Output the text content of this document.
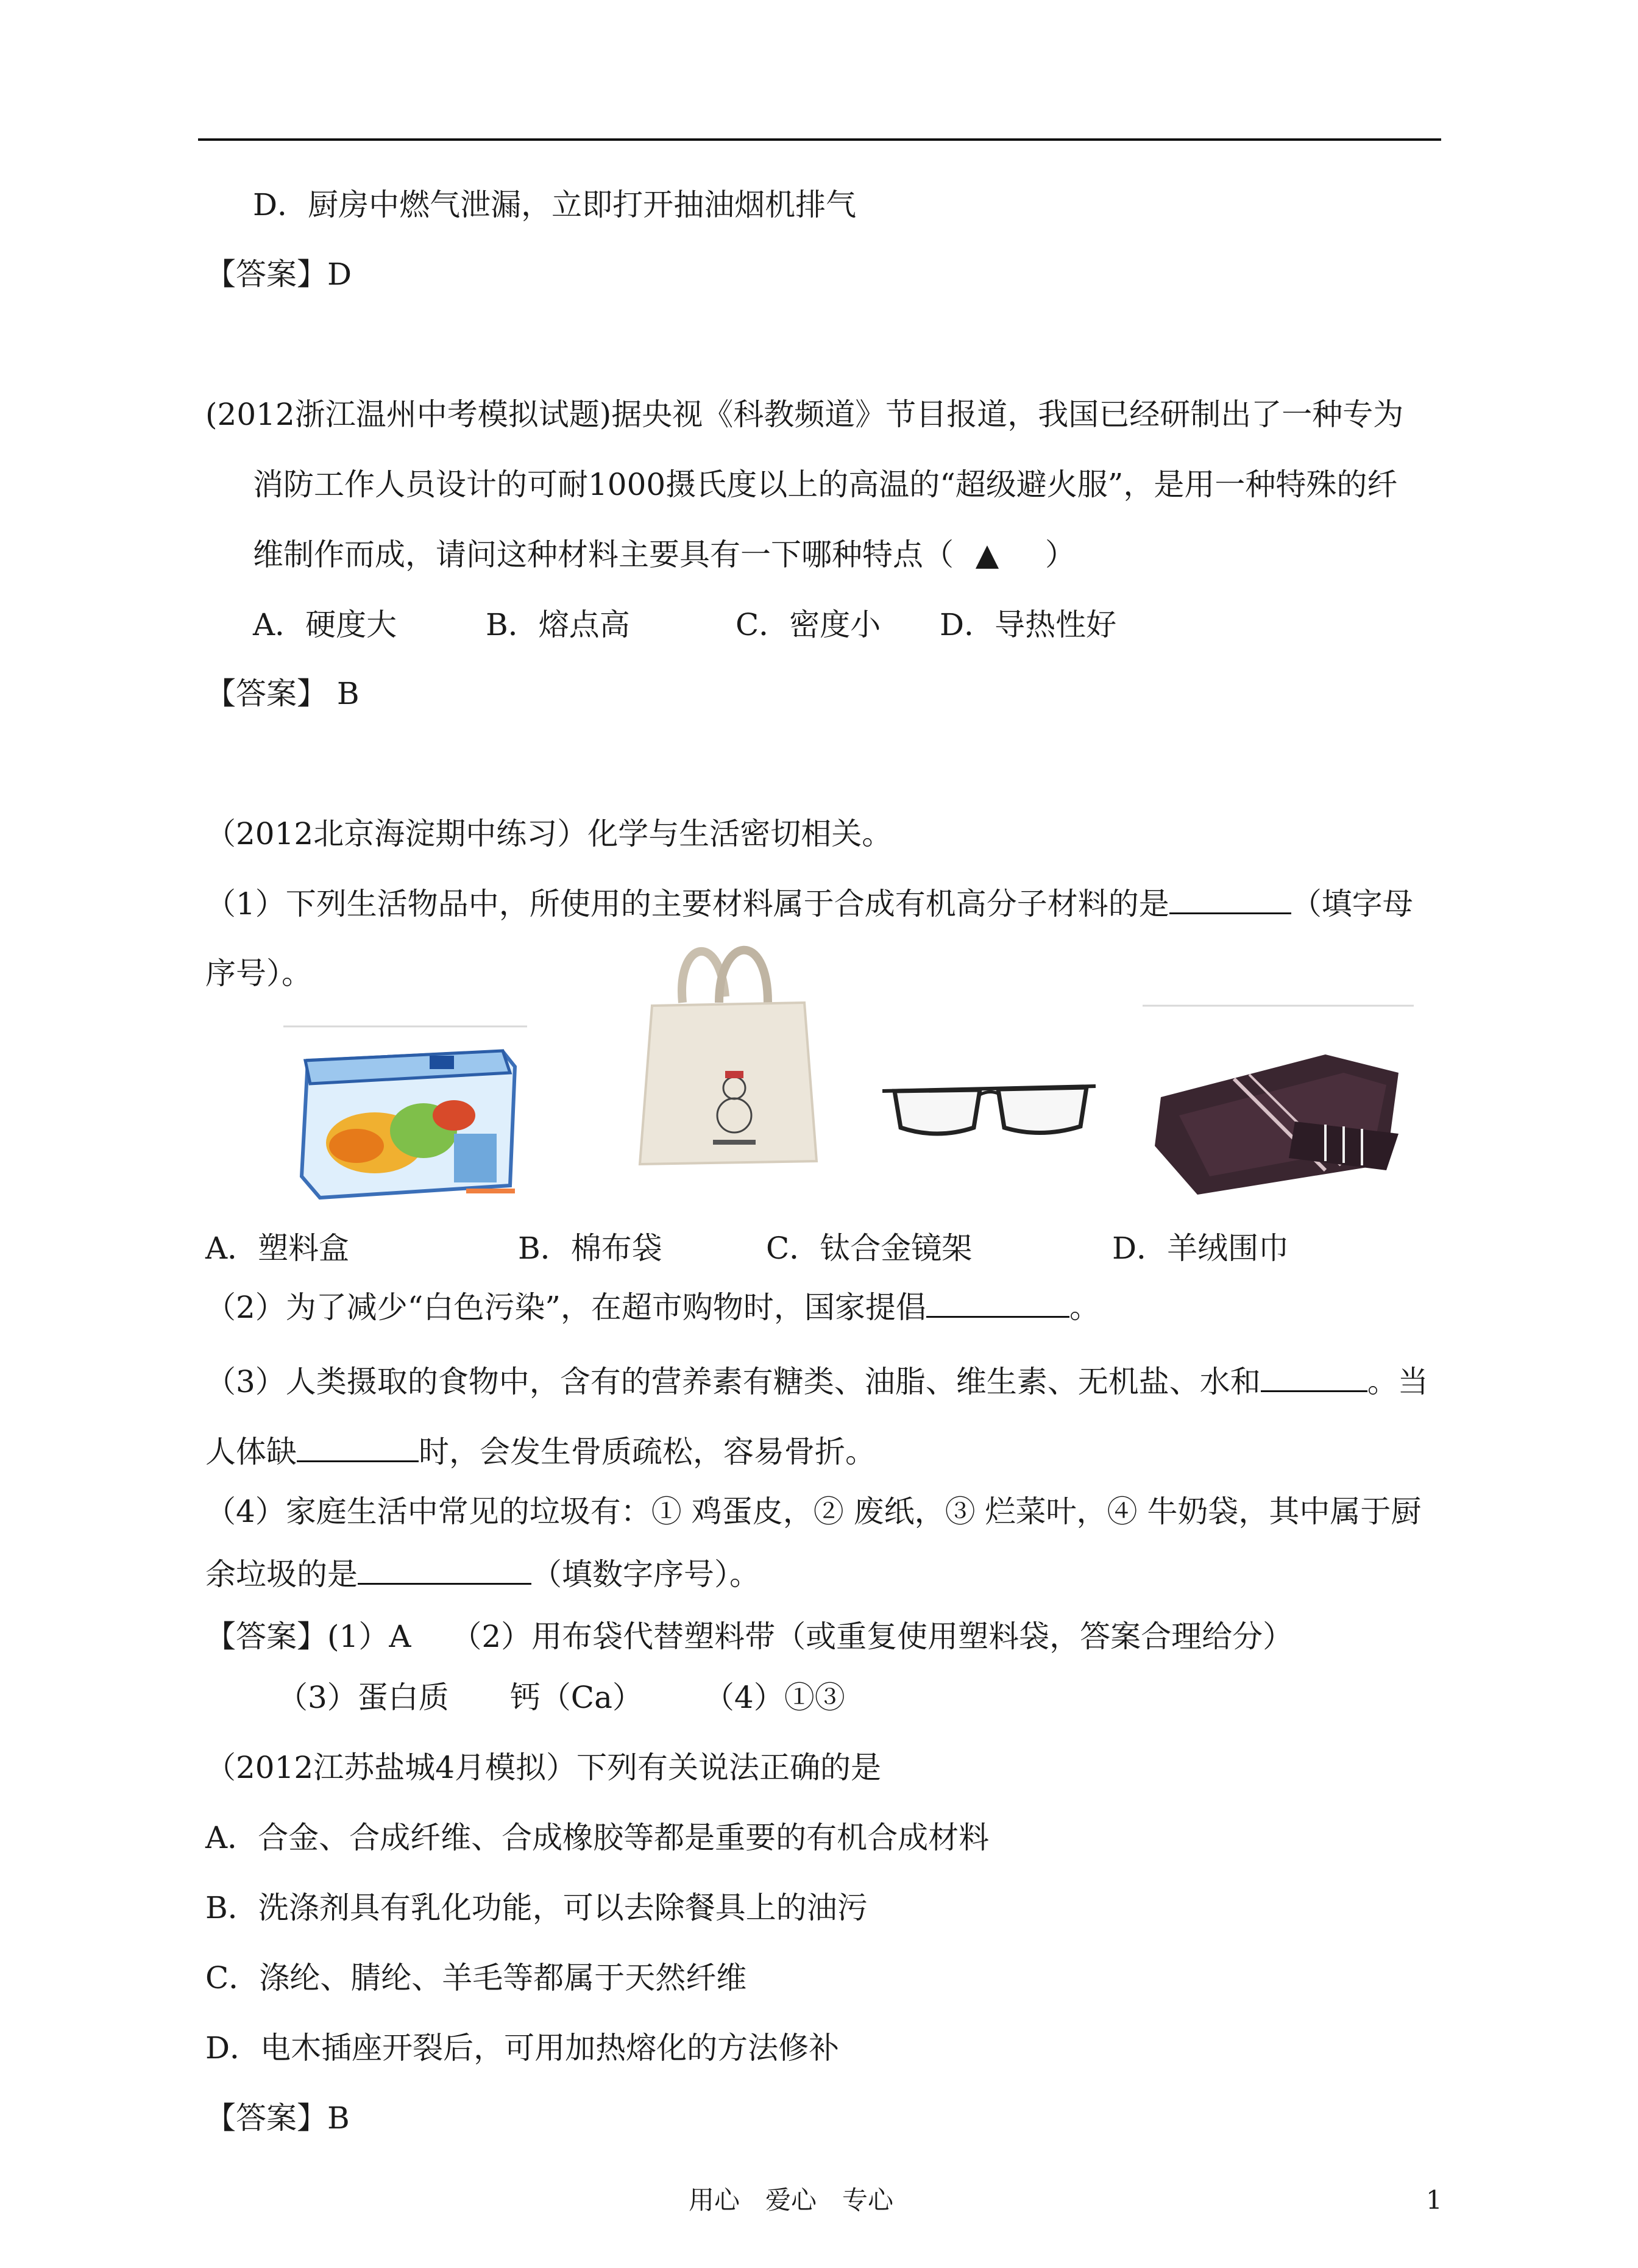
D．厨房中燃气泄漏，立即打开抽油烟机排气
【答案】D
(2012浙江温州中考模拟试题)据央视《科教频道》节目报道，我国已经研制出了一种专为
消防工作人员设计的可耐1000摄氏度以上的高温的“超级避火服”，是用一种特殊的纤
维制作而成，请问这种材料主要具有一下哪种特点（ ▲ ）
A．硬度大	B．熔点高	C．密度小 D．导热性好
【答案】 B
（2012北京海淀期中练习）化学与生活密切相关。
（1）下列生活物品中，所使用的主要材料属于合成有机高分子材料的是	（填字母
序号）。
A．塑料盒	B．棉布袋	C．钛合金镜架	D．羊绒围巾
（2）为了减少“白色污染”，在超市购物时，国家提倡	。
（3）人类摄取的食物中，含有的营养素有糖类、油脂、维生素、无机盐、水和	。当
人体缺	时，会发生骨质疏松，容易骨折。
（4）家庭生活中常见的垃圾有：① 鸡蛋皮，② 废纸，③ 烂菜叶，④ 牛奶袋，其中属于厨
余垃圾的是	（填数字序号）。
【答案】(1）A　 （2）用布袋代替塑料带（或重复使用塑料袋，答案合理给分）
（3）蛋白质　　钙（Ca）　　　（4）①③
（2012江苏盐城4月模拟）下列有关说法正确的是
A．合金、合成纤维、合成橡胶等都是重要的有机合成材料
B．洗涤剂具有乳化功能，可以去除餐具上的油污
C．涤纶、腈纶、羊毛等都属于天然纤维
D．电木插座开裂后，可用加热熔化的方法修补
【答案】B
用心　爱心　专心	1
